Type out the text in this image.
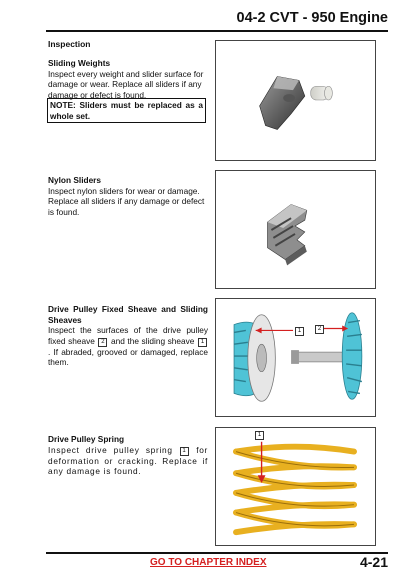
04-2 CVT - 950 Engine
Inspection
Sliding Weights
Inspect every weight and slider surface for damage or wear. Replace all sliders if any damage or defect is found.
NOTE: Sliders must be replaced as a whole set.
Nylon Sliders
Inspect nylon sliders for wear or damage. Replace all sliders if any damage or defect is found.
Drive Pulley Fixed Sheave and Sliding Sheaves
Inspect the surfaces of the drive pulley fixed sheave 2 and the sliding sheave 1. If abraded, grooved or damaged, replace them.
1	2
Drive Pulley Spring
Inspect drive pulley spring 1 for deformation or cracking. Replace if any damage is found.
1
GO TO CHAPTER INDEX	4-21
